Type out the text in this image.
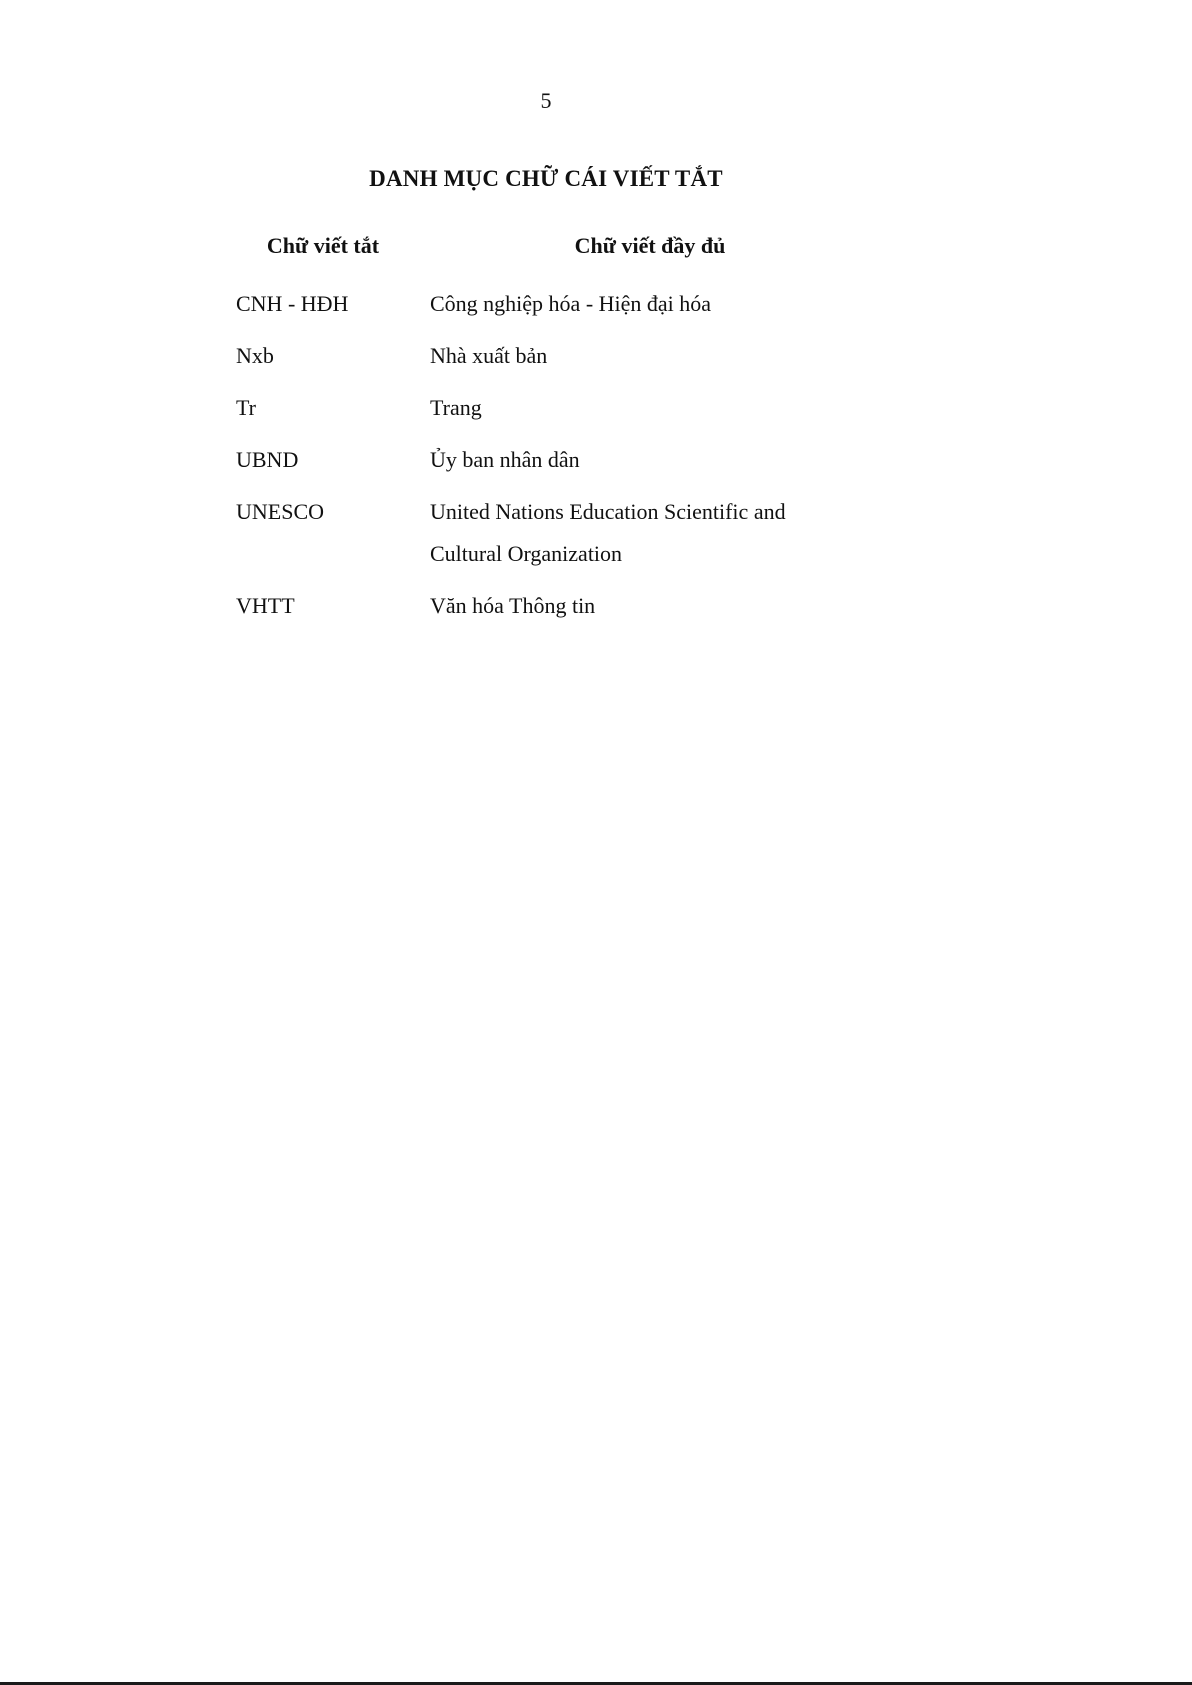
5
DANH MỤC CHỮ CÁI VIẾT TẮT
Chữ viết tắt	Chữ viết đầy đủ
CNH - HĐH	Công nghiệp hóa - Hiện đại hóa
Nxb	Nhà xuất bản
Tr	Trang
UBND	Ủy ban nhân dân
UNESCO	United Nations Education Scientific and Cultural Organization
VHTT	Văn hóa Thông tin
